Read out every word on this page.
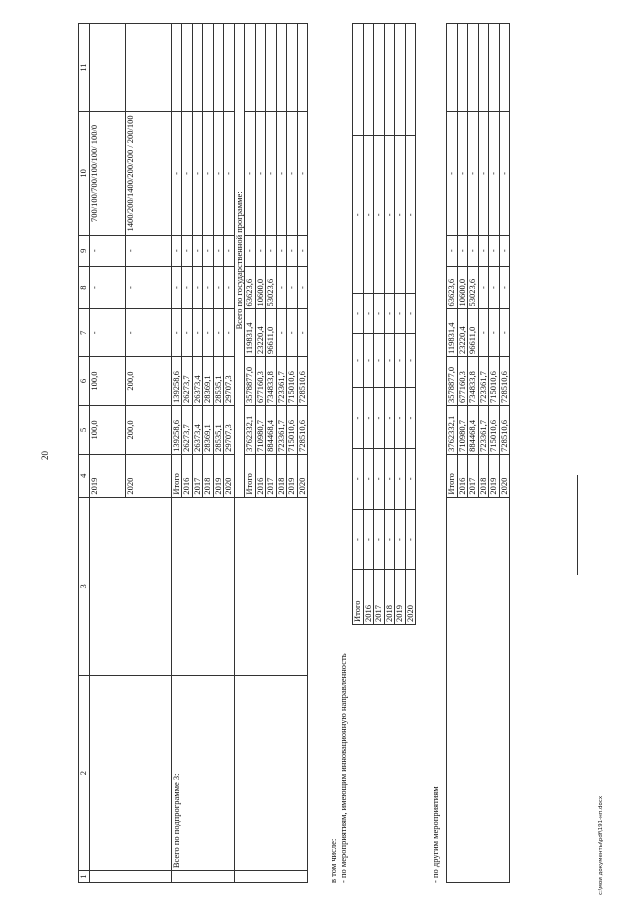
20
1	2	3	4	5	6	7	8	9	10	11
			2019	100,0	100,0	-	-	-	700/100/700/100/100/ 100/0	
			2020	200,0	200,0	-	-	-	1400/200/1400/200/200 / 200/100	
	Всего по подпрограмме 3:		Итого	139258,6	139258,6	-	-	-	-	
			2016	26273,7	26273,7	-	-	-	-	
			2017	26373,4	26373,4	-	-	-	-	
			2018	28369,1	28369,1	-	-	-	-	
			2019	28535,1	28535,1	-	-	-	-	
			2020	29707,3	29707,3	-	-	-	-	
			Всего по государственной программе:							
			Итого	3762332,1	3578877,0	119831,4	63623,6	-	-	
			2016	710980,7	677160,3	23220,4	10600,0	-	-	
			2017	884468,4	734833,8	96611,0	53023,6	-	-	
			2018	723361,7	723361,7	-	-	-	-	
			2019	715010,6	715010,6	-	-	-	-	
			2020	728510,6	728510,6	-	-	-	-	
в том числе: - по мероприятиям, имеющим инновационную направленность
Итого	-	-	-	-	-	-	
2016	-	-	-	-	-	-	
2017	-	-	-	-	-	-	
2018	-	-	-	-	-	-	
2019	-	-	-	-	-	-	
2020	-	-	-	-	-	-	
- по другим мероприятиям
	Итого	3762332,1	3578877,0	119831,4	63623,6	-	-	
	2016	710980,7	677160,3	23220,4	10600,0	-	-	
	2017	884468,4	734833,8	96611,0	53023,6	-	-	
	2018	723361,7	723361,7	-	-	-	-	
	2019	715010,6	715010,6	-	-	-	-	
	2020	728510,6	728510,6	-	-	-	-	
c:\мои документы\pdf\191-нп.docx
